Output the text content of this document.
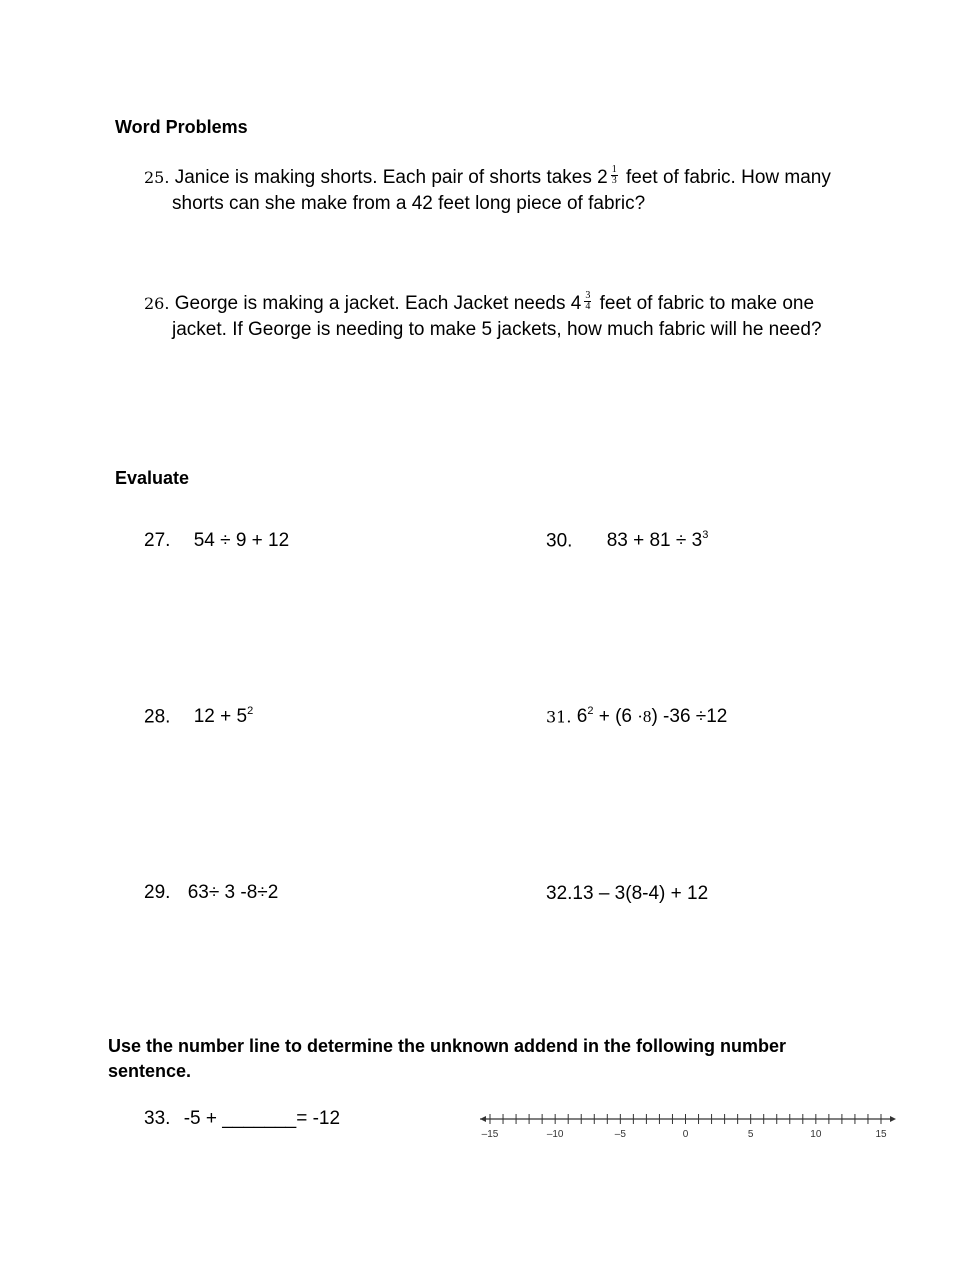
Word Problems
25. Janice is making shorts. Each pair of shorts takes $2 \frac{1}{3}$ feet of fabric. How many
shorts can she make from a 42 feet long piece of fabric?
26. George is making a jacket. Each Jacket needs $4 \frac{3}{4}$ feet of fabric to make one
jacket. If George is needing to make 5 jackets, how much fabric will he need?
Evaluate
27. 54 ÷ 9 + 12	30. $83 + 81 \div 3^3$
28. $12 + 5^2$	31. $6^2 + (6 \cdot 8)$ -36 ÷12
29. 63÷ 3 -8÷2	32.13 – 3(8-4) + 12
Use the number line to determine the unknown addend in the following number sentence.
33. -5 + _______= -12
–15	–10	–5	0	5	10	15
